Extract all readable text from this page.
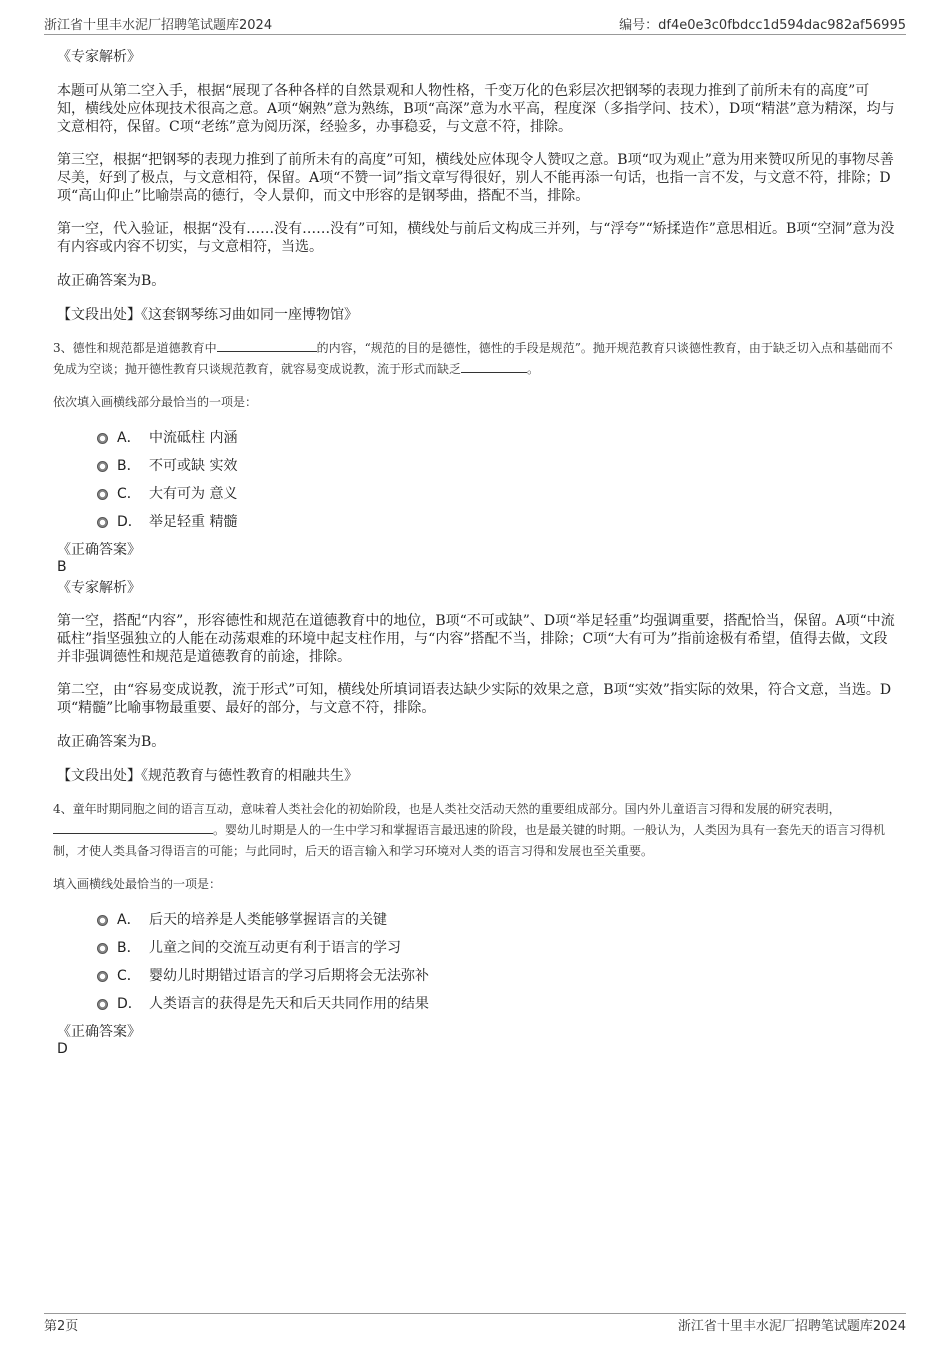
浙江省十里丰水泥厂招聘笔试题库2024	编号：df4e0e3c0fbdcc1d594dac982af56995

《专家解析》

本题可从第二空入手，根据“展现了各种各样的自然景观和人物性格，千变万化的色彩层次把钢琴的表现力推到了前所未有的高度”可知，横线处应体现技术很高之意。A项“娴熟”意为熟练，B项“高深”意为水平高，程度深（多指学问、技术），D项“精湛”意为精深，均与文意相符，保留。C项“老练”意为阅历深，经验多，办事稳妥，与文意不符，排除。

第三空，根据“把钢琴的表现力推到了前所未有的高度”可知，横线处应体现令人赞叹之意。B项“叹为观止”意为用来赞叹所见的事物尽善尽美，好到了极点，与文意相符，保留。A项“不赞一词”指文章写得很好，别人不能再添一句话，也指一言不发，与文意不符，排除；D项“高山仰止”比喻崇高的德行，令人景仰，而文中形容的是钢琴曲，搭配不当，排除。

第一空，代入验证，根据“没有……没有……没有”可知，横线处与前后文构成三并列，与“浮夸”“矫揉造作”意思相近。B项“空洞”意为没有内容或内容不切实，与文意相符，当选。

故正确答案为B。

【文段出处】《这套钢琴练习曲如同一座博物馆》

3、德性和规范都是道德教育中	的内容，“规范的目的是德性，德性的手段是规范”。抛开规范教育只谈德性教育，由于缺乏切入点和基础而不免成为空谈；抛开德性教育只谈规范教育，就容易变成说教，流于形式而缺乏	。

依次填入画横线部分最恰当的一项是：

A． 中流砥柱 内涵
B． 不可或缺 实效
C． 大有可为 意义
D． 举足轻重 精髓

《正确答案》

B

《专家解析》

第一空，搭配“内容”，形容德性和规范在道德教育中的地位，B项“不可或缺”、D项“举足轻重”均强调重要，搭配恰当，保留。A项“中流砥柱”指坚强独立的人能在动荡艰难的环境中起支柱作用，与“内容”搭配不当，排除；C项“大有可为”指前途极有希望，值得去做，文段并非强调德性和规范是道德教育的前途，排除。

第二空，由“容易变成说教，流于形式”可知，横线处所填词语表达缺少实际的效果之意，B项“实效”指实际的效果，符合文意，当选。D项“精髓”比喻事物最重要、最好的部分，与文意不符，排除。

故正确答案为B。

【文段出处】《规范教育与德性教育的相融共生》

4、童年时期同胞之间的语言互动，意味着人类社会化的初始阶段，也是人类社交活动天然的重要组成部分。国内外儿童语言习得和发展的研究表明，。婴幼儿时期是人的一生中学习和掌握语言最迅速的阶段，也是最关键的时期。一般认为，人类因为具有一套先天的语言习得机制，才使人类具备习得语言的可能；与此同时，后天的语言输入和学习环境对人类的语言习得和发展也至关重要。

填入画横线处最恰当的一项是：

A． 后天的培养是人类能够掌握语言的关键
B． 儿童之间的交流互动更有利于语言的学习
C． 婴幼儿时期错过语言的学习后期将会无法弥补
D． 人类语言的获得是先天和后天共同作用的结果

《正确答案》

D

第2页	浙江省十里丰水泥厂招聘笔试题库2024
